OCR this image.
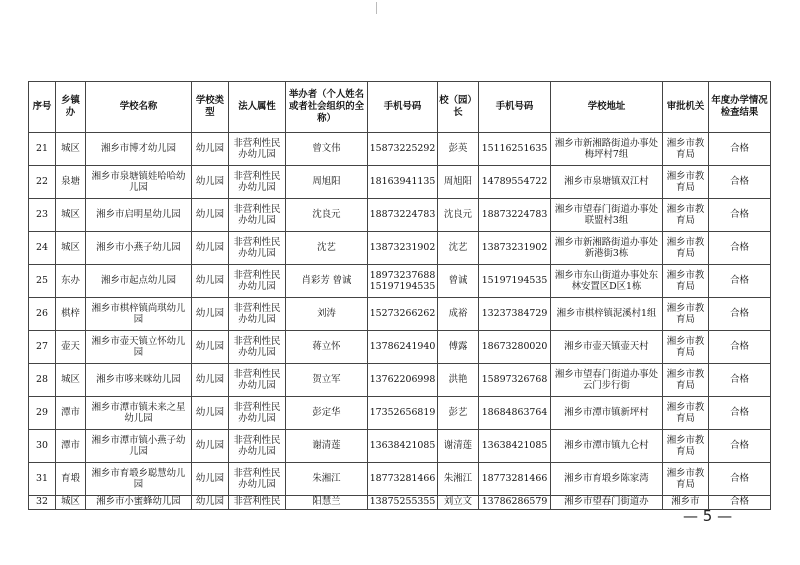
序号	乡镇办	学校名称	学校类型	法人属性	举办者（个人姓名或者社会组织的全称）	手机号码	校（园）长	手机号码	学校地址	审批机关	年度办学情况检查结果
21	城区	湘乡市博才幼儿园	幼儿园	非营利性民办幼儿园	曾文伟	15873225292	彭英	15116251635	湘乡市新湘路街道办事处梅坪村7组	湘乡市教育局	合格
22	泉塘	湘乡市泉塘镇娃哈哈幼儿园	幼儿园	非营利性民办幼儿园	周旭阳	18163941135	周旭阳	14789554722	湘乡市泉塘镇双江村	湘乡市教育局	合格
23	城区	湘乡市启明星幼儿园	幼儿园	非营利性民办幼儿园	沈良元	18873224783	沈良元	18873224783	湘乡市望春门街道办事处联盟村3组	湘乡市教育局	合格
24	城区	湘乡市小燕子幼儿园	幼儿园	非营利性民办幼儿园	沈艺	13873231902	沈艺	13873231902	湘乡市新湘路街道办事处新港街3栋	湘乡市教育局	合格
25	东办	湘乡市起点幼儿园	幼儿园	非营利性民办幼儿园	肖彩芳 曾诚	18973237688 15197194535	曾诚	15197194535	湘乡市东山街道办事处东林安置区D区1栋	湘乡市教育局	合格
26	棋梓	湘乡市棋梓镇尚琪幼儿园	幼儿园	非营利性民办幼儿园	刘涛	15273266262	成裕	13237384729	湘乡市棋梓镇泥溪村1组	湘乡市教育局	合格
27	壶天	湘乡市壶天镇立怀幼儿园	幼儿园	非营利性民办幼儿园	蒋立怀	13786241940	傅露	18673280020	湘乡市壶天镇壶天村	湘乡市教育局	合格
28	城区	湘乡市哆来咪幼儿园	幼儿园	非营利性民办幼儿园	贺立军	13762206998	洪艳	15897326768	湘乡市望春门街道办事处云门步行街	湘乡市教育局	合格
29	潭市	湘乡市潭市镇未来之星幼儿园	幼儿园	非营利性民办幼儿园	彭定华	17352656819	彭艺	18684863764	湘乡市潭市镇新坪村	湘乡市教育局	合格
30	潭市	湘乡市潭市镇小燕子幼儿园	幼儿园	非营利性民办幼儿园	谢清莲	13638421085	谢清莲	13638421085	湘乡市潭市镇九仑村	湘乡市教育局	合格
31	育塅	湘乡市育塅乡聪慧幼儿园	幼儿园	非营利性民办幼儿园	朱湘江	18773281466	朱湘江	18773281466	湘乡市育塅乡陈家湾	湘乡市教育局	合格
32	城区	湘乡市小蜜蜂幼儿园	幼儿园	非营利性民	阳慧兰	13875255355	刘立文	13786286579	湘乡市望春门街道办	湘乡市	合格
— 5 —
